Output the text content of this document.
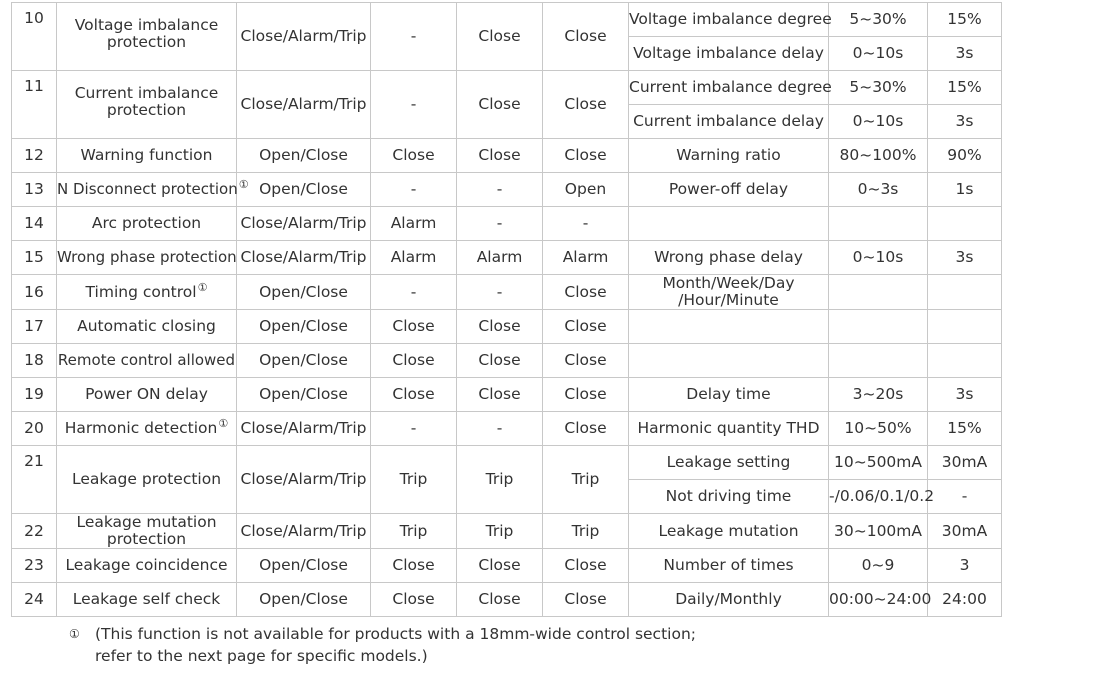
10	Voltage imbalance protection	Close/Alarm/Trip	-	Close	Close	Voltage imbalance degree	5~30%	15%
						Voltage imbalance delay	0~10s	3s
11	Current imbalance protection	Close/Alarm/Trip	-	Close	Close	Current imbalance degree	5~30%	15%
						Current imbalance delay	0~10s	3s
12	Warning function	Open/Close	Close	Close	Close	Warning ratio	80~100%	90%
13	N Disconnect protection①	Open/Close	-	-	Open	Power-off delay	0~3s	1s
14	Arc protection	Close/Alarm/Trip	Alarm	-	-			
15	Wrong phase protection	Close/Alarm/Trip	Alarm	Alarm	Alarm	Wrong phase delay	0~10s	3s
16	Timing control①	Open/Close	-	-	Close	Month/Week/Day
/Hour/Minute		
17	Automatic closing	Open/Close	Close	Close	Close			
18	Remote control allowed	Open/Close	Close	Close	Close			
19	Power ON delay	Open/Close	Close	Close	Close	Delay time	3~20s	3s
20	Harmonic detection①	Close/Alarm/Trip	-	-	Close	Harmonic quantity THD	10~50%	15%
21	Leakage protection	Close/Alarm/Trip	Trip	Trip	Trip	Leakage setting	10~500mA	30mA
						Not driving time	-/0.06/0.1/0.2	-
22	Leakage mutation
protection	Close/Alarm/Trip	Trip	Trip	Trip	Leakage mutation	30~100mA	30mA
23	Leakage coincidence	Open/Close	Close	Close	Close	Number of times	0~9	3
24	Leakage self check	Open/Close	Close	Close	Close	Daily/Monthly	00:00~24:00	24:00
① (This function is not available for products with a 18mm-wide control section;
refer to the next page for specific models.)
